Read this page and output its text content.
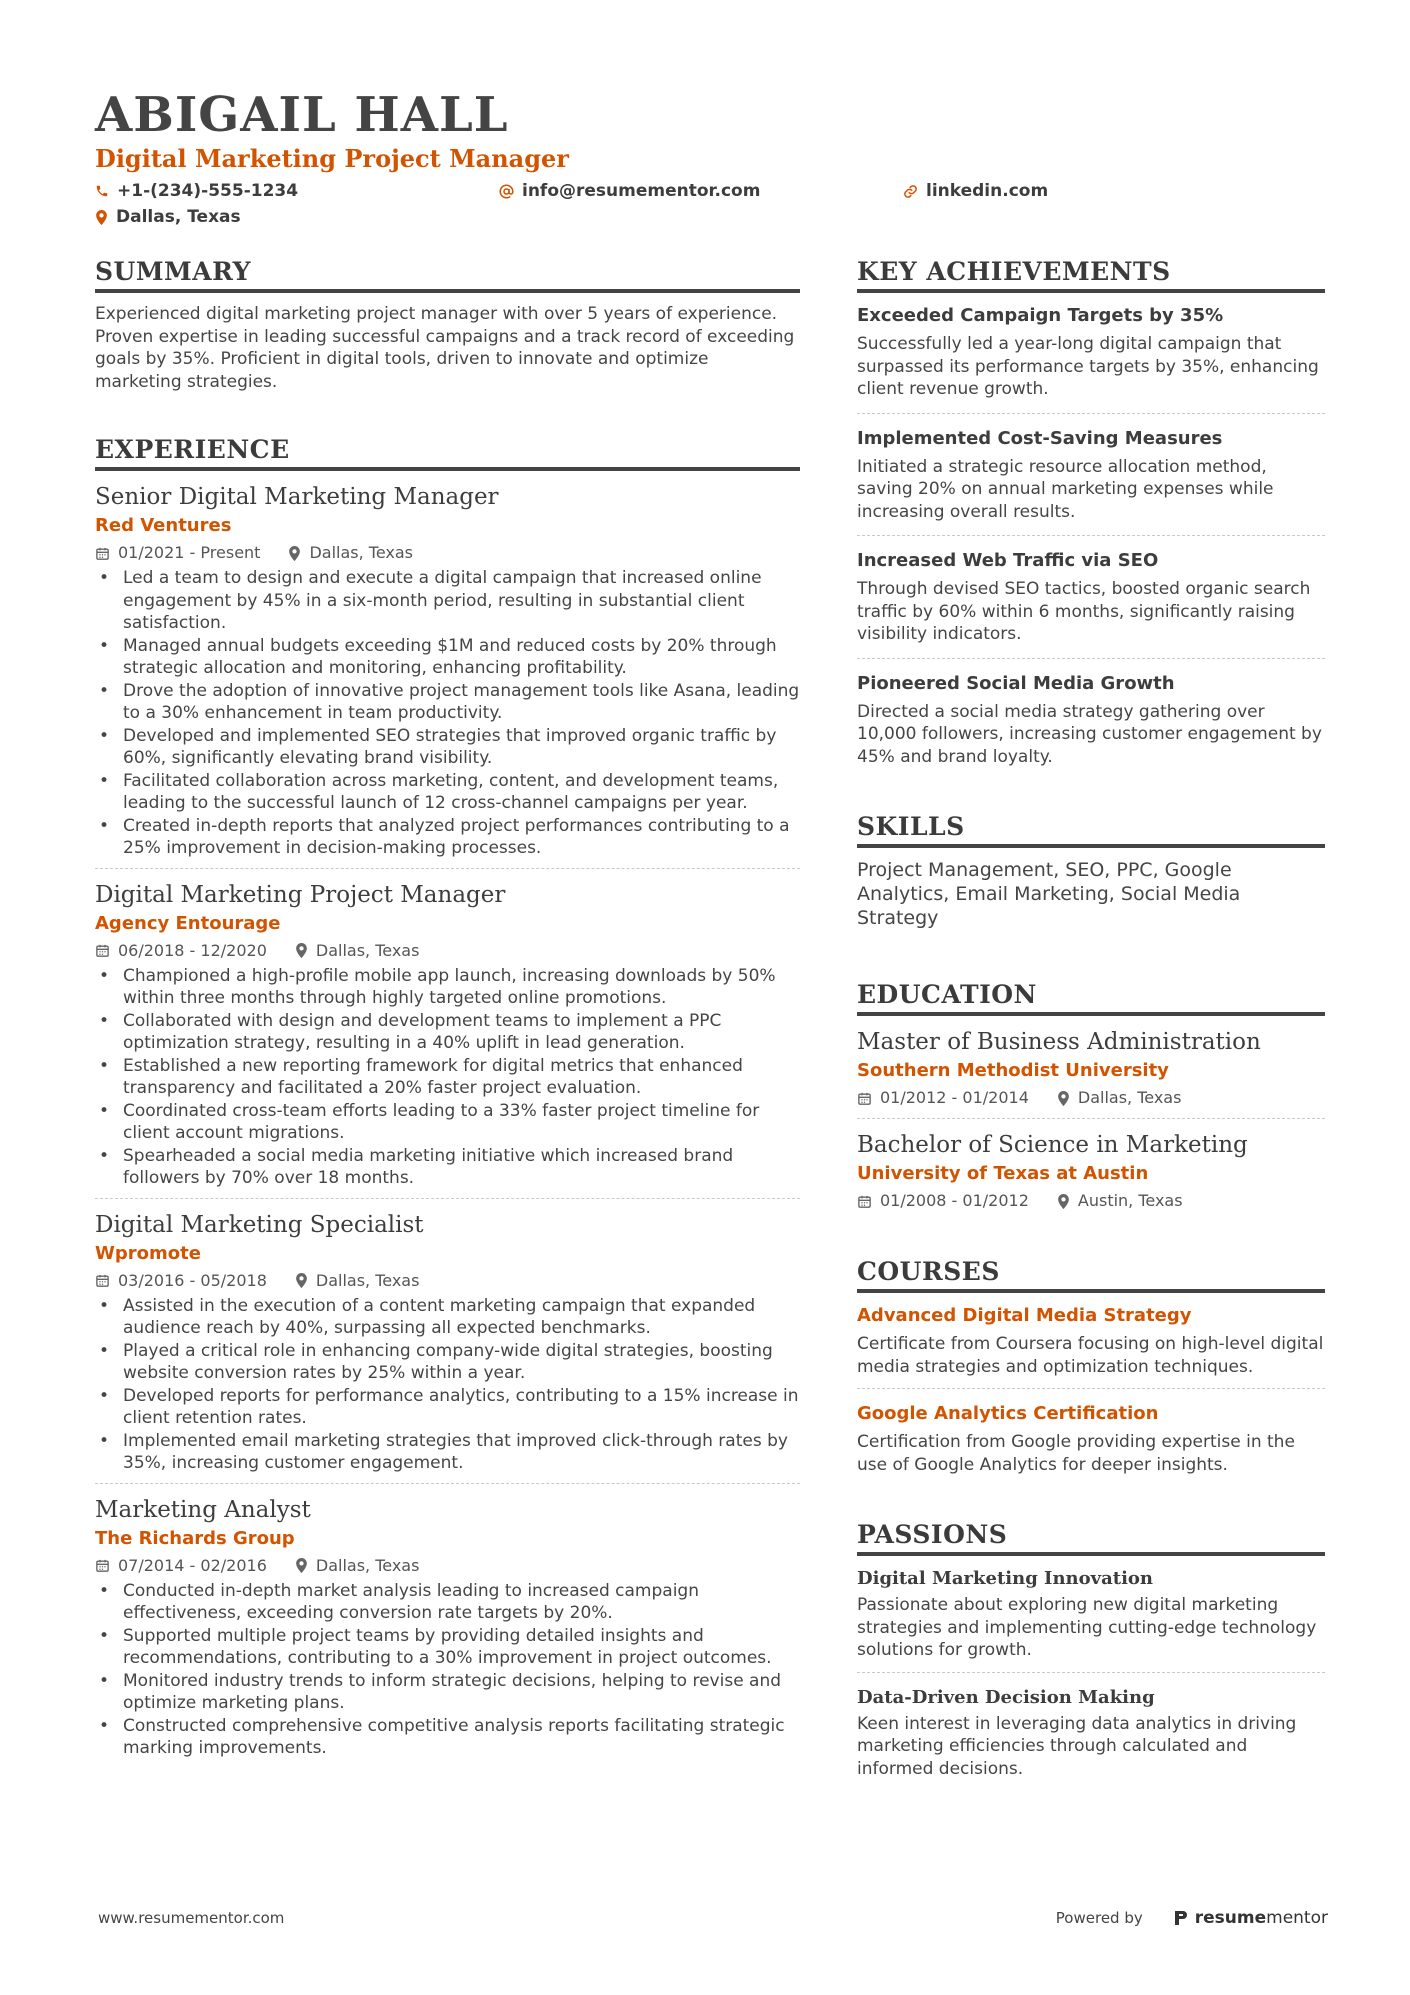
ABIGAIL HALL
Digital Marketing Project Manager
+1-(234)-555-1234	info@resumementor.com	linkedin.com
Dallas, Texas
SUMMARY
Experienced digital marketing project manager with over 5 years of experience. Proven expertise in leading successful campaigns and a track record of exceeding goals by 35%. Proficient in digital tools, driven to innovate and optimize marketing strategies.
EXPERIENCE
Senior Digital Marketing Manager
Red Ventures
01/2021 - Present	Dallas, Texas
• Led a team to design and execute a digital campaign that increased online engagement by 45% in a six-month period, resulting in substantial client satisfaction.
• Managed annual budgets exceeding $1M and reduced costs by 20% through strategic allocation and monitoring, enhancing profitability.
• Drove the adoption of innovative project management tools like Asana, leading to a 30% enhancement in team productivity.
• Developed and implemented SEO strategies that improved organic traffic by 60%, significantly elevating brand visibility.
• Facilitated collaboration across marketing, content, and development teams, leading to the successful launch of 12 cross-channel campaigns per year.
• Created in-depth reports that analyzed project performances contributing to a 25% improvement in decision-making processes.
Digital Marketing Project Manager
Agency Entourage
06/2018 - 12/2020	Dallas, Texas
• Championed a high-profile mobile app launch, increasing downloads by 50% within three months through highly targeted online promotions.
• Collaborated with design and development teams to implement a PPC optimization strategy, resulting in a 40% uplift in lead generation.
• Established a new reporting framework for digital metrics that enhanced transparency and facilitated a 20% faster project evaluation.
• Coordinated cross-team efforts leading to a 33% faster project timeline for client account migrations.
• Spearheaded a social media marketing initiative which increased brand followers by 70% over 18 months.
Digital Marketing Specialist
Wpromote
03/2016 - 05/2018	Dallas, Texas
• Assisted in the execution of a content marketing campaign that expanded audience reach by 40%, surpassing all expected benchmarks.
• Played a critical role in enhancing company-wide digital strategies, boosting website conversion rates by 25% within a year.
• Developed reports for performance analytics, contributing to a 15% increase in client retention rates.
• Implemented email marketing strategies that improved click-through rates by 35%, increasing customer engagement.
Marketing Analyst
The Richards Group
07/2014 - 02/2016	Dallas, Texas
• Conducted in-depth market analysis leading to increased campaign effectiveness, exceeding conversion rate targets by 20%.
• Supported multiple project teams by providing detailed insights and recommendations, contributing to a 30% improvement in project outcomes.
• Monitored industry trends to inform strategic decisions, helping to revise and optimize marketing plans.
• Constructed comprehensive competitive analysis reports facilitating strategic marking improvements.
KEY ACHIEVEMENTS
Exceeded Campaign Targets by 35%
Successfully led a year-long digital campaign that surpassed its performance targets by 35%, enhancing client revenue growth.
Implemented Cost-Saving Measures
Initiated a strategic resource allocation method, saving 20% on annual marketing expenses while increasing overall results.
Increased Web Traffic via SEO
Through devised SEO tactics, boosted organic search traffic by 60% within 6 months, significantly raising visibility indicators.
Pioneered Social Media Growth
Directed a social media strategy gathering over 10,000 followers, increasing customer engagement by 45% and brand loyalty.
SKILLS
Project Management, SEO, PPC, Google Analytics, Email Marketing, Social Media Strategy
EDUCATION
Master of Business Administration
Southern Methodist University
01/2012 - 01/2014	Dallas, Texas
Bachelor of Science in Marketing
University of Texas at Austin
01/2008 - 01/2012	Austin, Texas
COURSES
Advanced Digital Media Strategy
Certificate from Coursera focusing on high-level digital media strategies and optimization techniques.
Google Analytics Certification
Certification from Google providing expertise in the use of Google Analytics for deeper insights.
PASSIONS
Digital Marketing Innovation
Passionate about exploring new digital marketing strategies and implementing cutting-edge technology solutions for growth.
Data-Driven Decision Making
Keen interest in leveraging data analytics in driving marketing efficiencies through calculated and informed decisions.
www.resumementor.com	Powered by	resumementor
